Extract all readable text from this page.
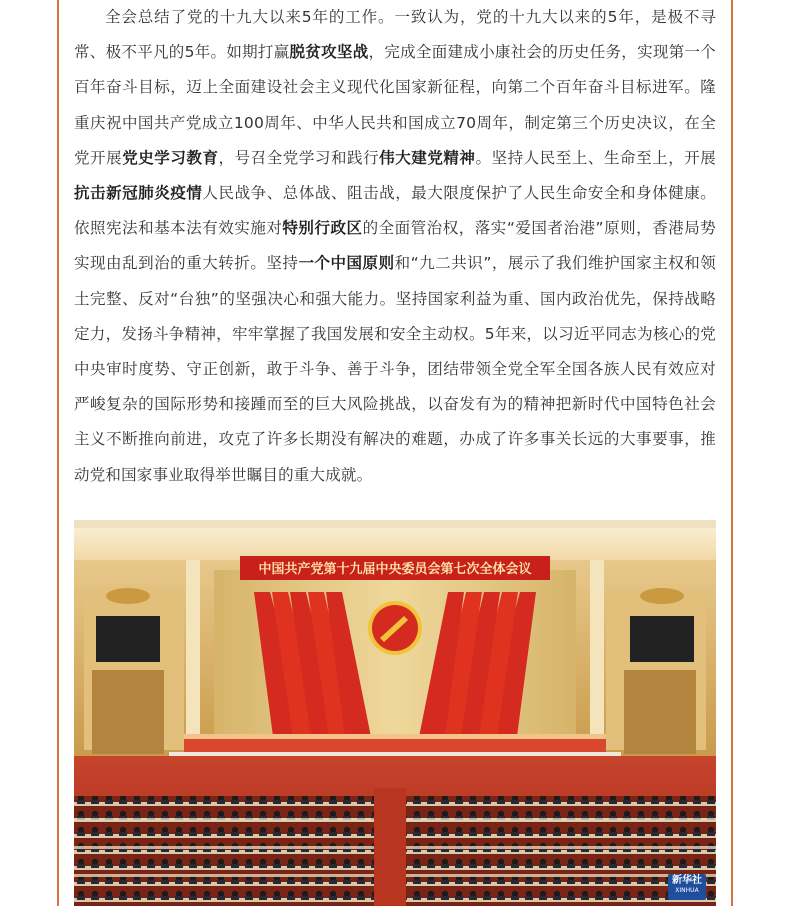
全会总结了党的十九大以来5年的工作。一致认为，党的十九大以来的5年，是极不寻常、极不平凡的5年。如期打赢脱贫攻坚战，完成全面建成小康社会的历史任务，实现第一个百年奋斗目标，迈上全面建设社会主义现代化国家新征程，向第二个百年奋斗目标进军。隆重庆祝中国共产党成立100周年、中华人民共和国成立70周年，制定第三个历史决议，在全党开展党史学习教育，号召全党学习和践行伟大建党精神。坚持人民至上、生命至上，开展抗击新冠肺炎疫情人民战争、总体战、阻击战，最大限度保护了人民生命安全和身体健康。依照宪法和基本法有效实施对特别行政区的全面管治权，落实“爱国者治港”原则，香港局势实现由乱到治的重大转折。坚持一个中国原则和“九二共识”，展示了我们维护国家主权和领土完整、反对“台独”的坚强决心和强大能力。坚持国家利益为重、国内政治优先，保持战略定力，发扬斗争精神，牢牢掌握了我国发展和安全主动权。5年来，以习近平同志为核心的党中央审时度势、守正创新，敢于斗争、善于斗争，团结带领全党全军全国各族人民有效应对严峻复杂的国际形势和接踵而至的巨大风险挑战，以奋发有为的精神把新时代中国特色社会主义不断推向前进，攻克了许多长期没有解决的难题，办成了许多事关长远的大事要事，推动党和国家事业取得举世瞩目的重大成就。

中国共产党第十九届中央委员会第七次全体会议
新华社
XINHUA
